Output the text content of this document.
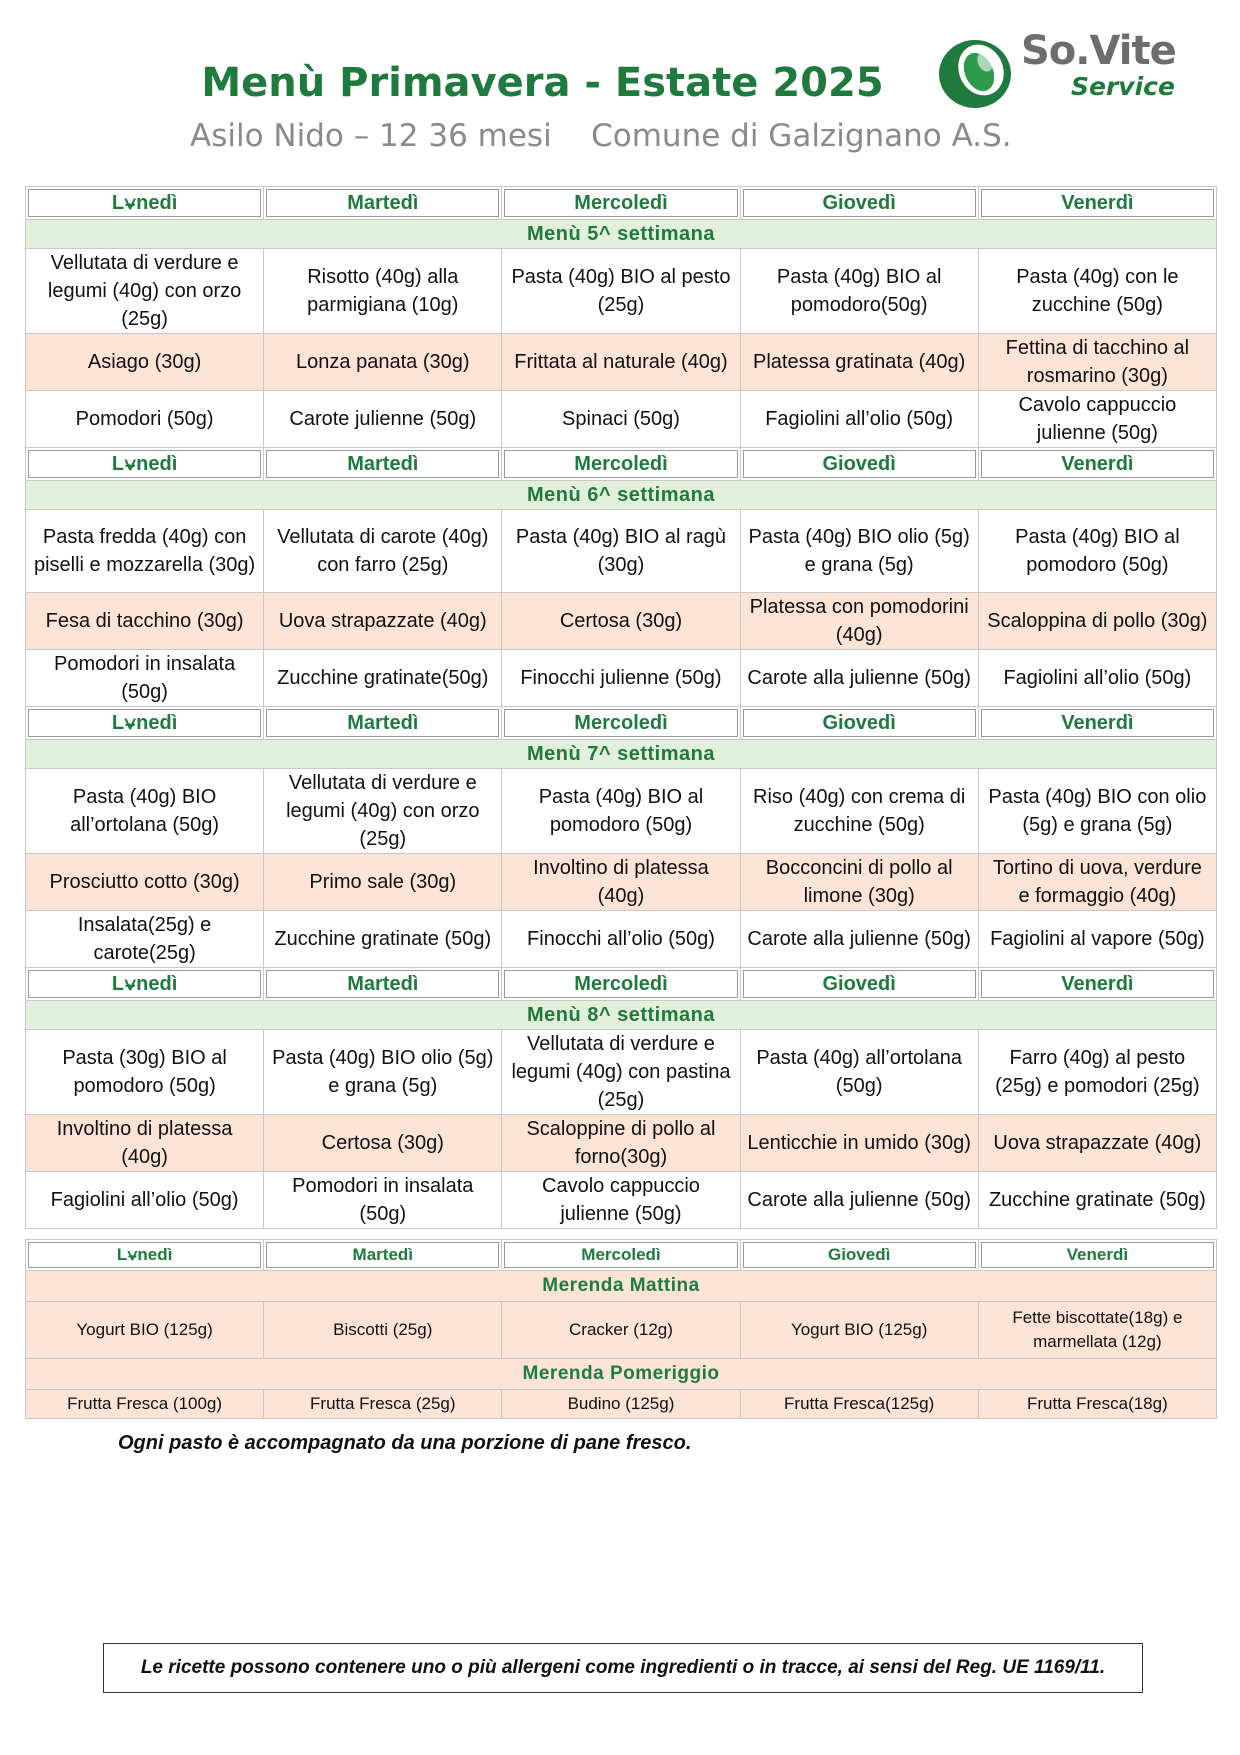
Menù Primavera - Estate 2025
Asilo Nido – 12 36 mesi Comune di Galzignano A.S.
So.Vite
Service
L⍱nedì	Martedì	Mercoledì	Giovedì	Venerdì

Menù 5^ settimana				
Vellutata di verdure e legumi (40g) con orzo (25g)	Risotto (40g) alla parmigiana (10g)	Pasta (40g) BIO al pesto (25g)	Pasta (40g) BIO al pomodoro(50g)	Pasta (40g) con le zucchine (50g)
Asiago (30g)	Lonza panata (30g)	Frittata al naturale (40g)	Platessa gratinata (40g)	Fettina di tacchino al rosmarino (30g)
Pomodori (50g)	Carote julienne (50g)	Spinaci (50g)	Fagiolini all’olio (50g)	Cavolo cappuccio julienne (50g)

L⍱nedì	Martedì	Mercoledì	Giovedì	Venerdì

Menù 6^ settimana				
Pasta fredda (40g) con piselli e mozzarella (30g)	Vellutata di carote (40g) con farro (25g)	Pasta (40g) BIO al ragù (30g)	Pasta (40g) BIO olio (5g) e grana (5g)	Pasta (40g) BIO al pomodoro (50g)
Fesa di tacchino (30g)	Uova strapazzate (40g)	Certosa (30g)	Platessa con pomodorini (40g)	Scaloppina di pollo (30g)
Pomodori in insalata (50g)	Zucchine gratinate(50g)	Finocchi julienne (50g)	Carote alla julienne (50g)	Fagiolini all’olio (50g)

L⍱nedì	Martedì	Mercoledì	Giovedì	Venerdì

Menù 7^ settimana				
Pasta (40g) BIO all’ortolana (50g)	Vellutata di verdure e legumi (40g) con orzo (25g)	Pasta (40g) BIO al pomodoro (50g)	Riso (40g) con crema di zucchine (50g)	Pasta (40g) BIO con olio (5g) e grana (5g)
Prosciutto cotto (30g)	Primo sale (30g)	Involtino di platessa (40g)	Bocconcini di pollo al limone (30g)	Tortino di uova, verdure e formaggio (40g)
Insalata(25g) e carote(25g)	Zucchine gratinate (50g)	Finocchi all’olio (50g)	Carote alla julienne (50g)	Fagiolini al vapore (50g)

L⍱nedì	Martedì	Mercoledì	Giovedì	Venerdì

Menù 8^ settimana				
Pasta (30g) BIO al pomodoro (50g)	Pasta (40g) BIO olio (5g) e grana (5g)	Vellutata di verdure e legumi (40g) con pastina (25g)	Pasta (40g) all’ortolana (50g)	Farro (40g) al pesto (25g) e pomodori (25g)
Involtino di platessa (40g)	Certosa (30g)	Scaloppine di pollo al forno(30g)	Lenticchie in umido (30g)	Uova strapazzate (40g)
Fagiolini all’olio (50g)	Pomodori in insalata (50g)	Cavolo cappuccio julienne (50g)	Carote alla julienne (50g)	Zucchine gratinate (50g)
L⍱nedì	Martedì	Mercoledì	Giovedì	Venerdì

Merenda Mattina				
Yogurt BIO (125g)	Biscotti (25g)	Cracker (12g)	Yogurt BIO (125g)	Fette biscottate(18g) e marmellata (12g)
Merenda Pomeriggio				
Frutta Fresca (100g)	Frutta Fresca (25g)	Budino (125g)	Frutta Fresca(125g)	Frutta Fresca(18g)
Ogni pasto è accompagnato da una porzione di pane fresco.
Le ricette possono contenere uno o più allergeni come ingredienti o in tracce, ai sensi del Reg. UE 1169/11.
